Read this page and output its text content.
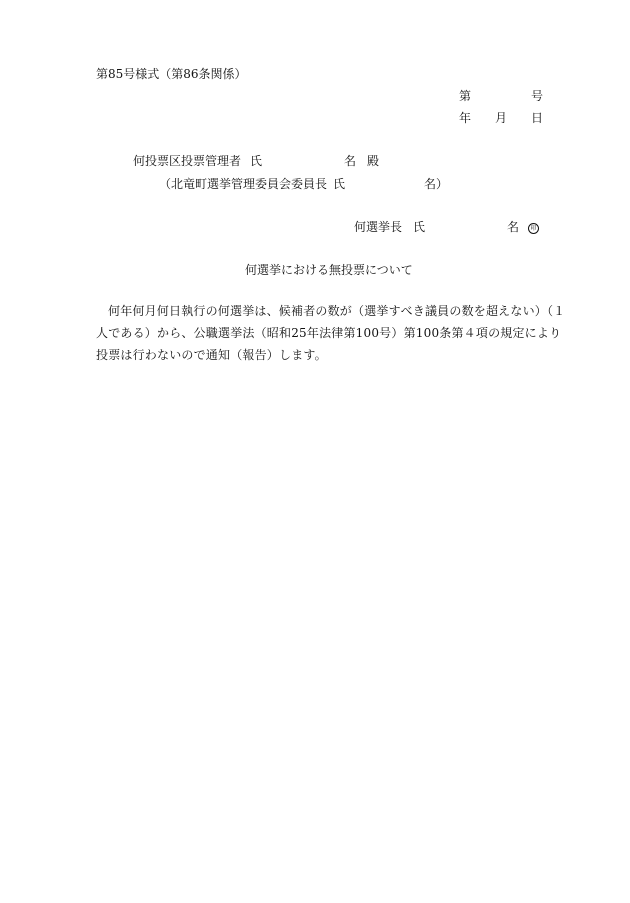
第85号様式（第86条関係）
第	号
年 月 日
何投票区投票管理者 氏	名 殿
（北竜町選挙管理委員会委員長 氏	名）
何選挙長 氏	名	印
何選挙における無投票について
何年何月何日執行の何選挙は、候補者の数が（選挙すべき議員の数を超えない）（１人である）から、公職選挙法（昭和25年法律第100号）第100条第４項の規定により投票は行わないので通知（報告）します。
